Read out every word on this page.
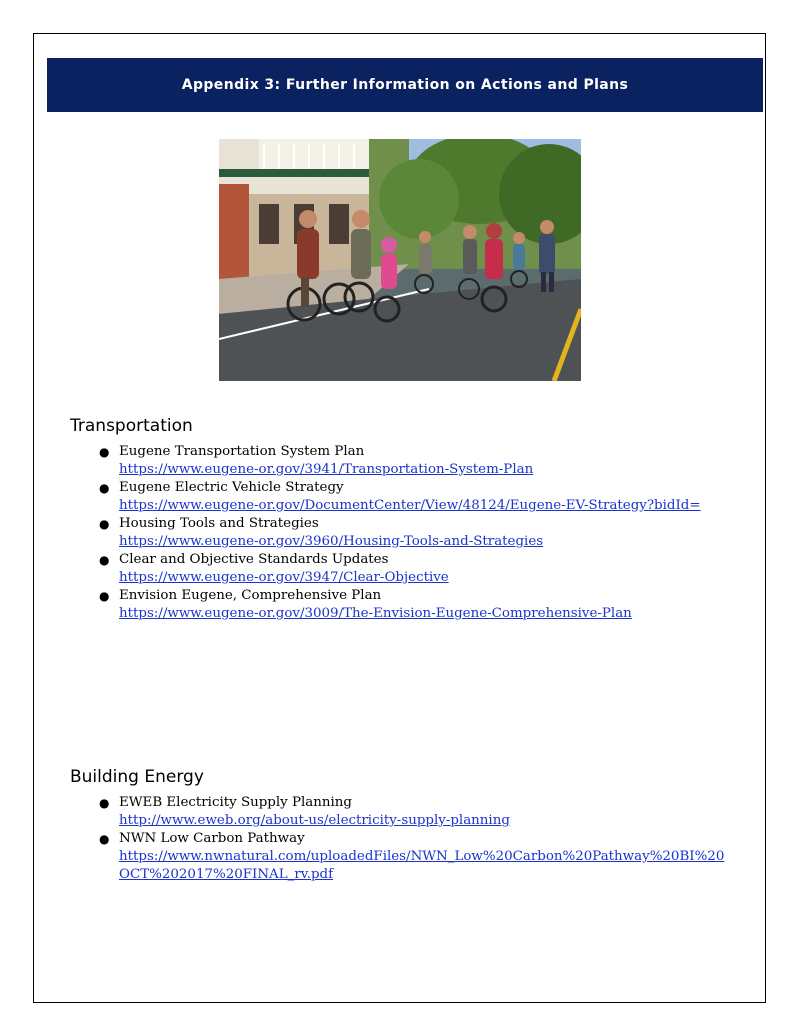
Appendix 3: Further Information on Actions and Plans
Transportation
● Eugene Transportation System Plan
https://www.eugene-or.gov/3941/Transportation-System-Plan
● Eugene Electric Vehicle Strategy
https://www.eugene-or.gov/DocumentCenter/View/48124/Eugene-EV-Strategy?bidId=
● Housing Tools and Strategies
https://www.eugene-or.gov/3960/Housing-Tools-and-Strategies
● Clear and Objective Standards Updates
https://www.eugene-or.gov/3947/Clear-Objective
● Envision Eugene, Comprehensive Plan
https://www.eugene-or.gov/3009/The-Envision-Eugene-Comprehensive-Plan
Building Energy
● EWEB Electricity Supply Planning
http://www.eweb.org/about-us/electricity-supply-planning
● NWN Low Carbon Pathway
https://www.nwnatural.com/uploadedFiles/NWN_Low%20Carbon%20Pathway%20BI%20OCT%202017%20FINAL_rv.pdf
